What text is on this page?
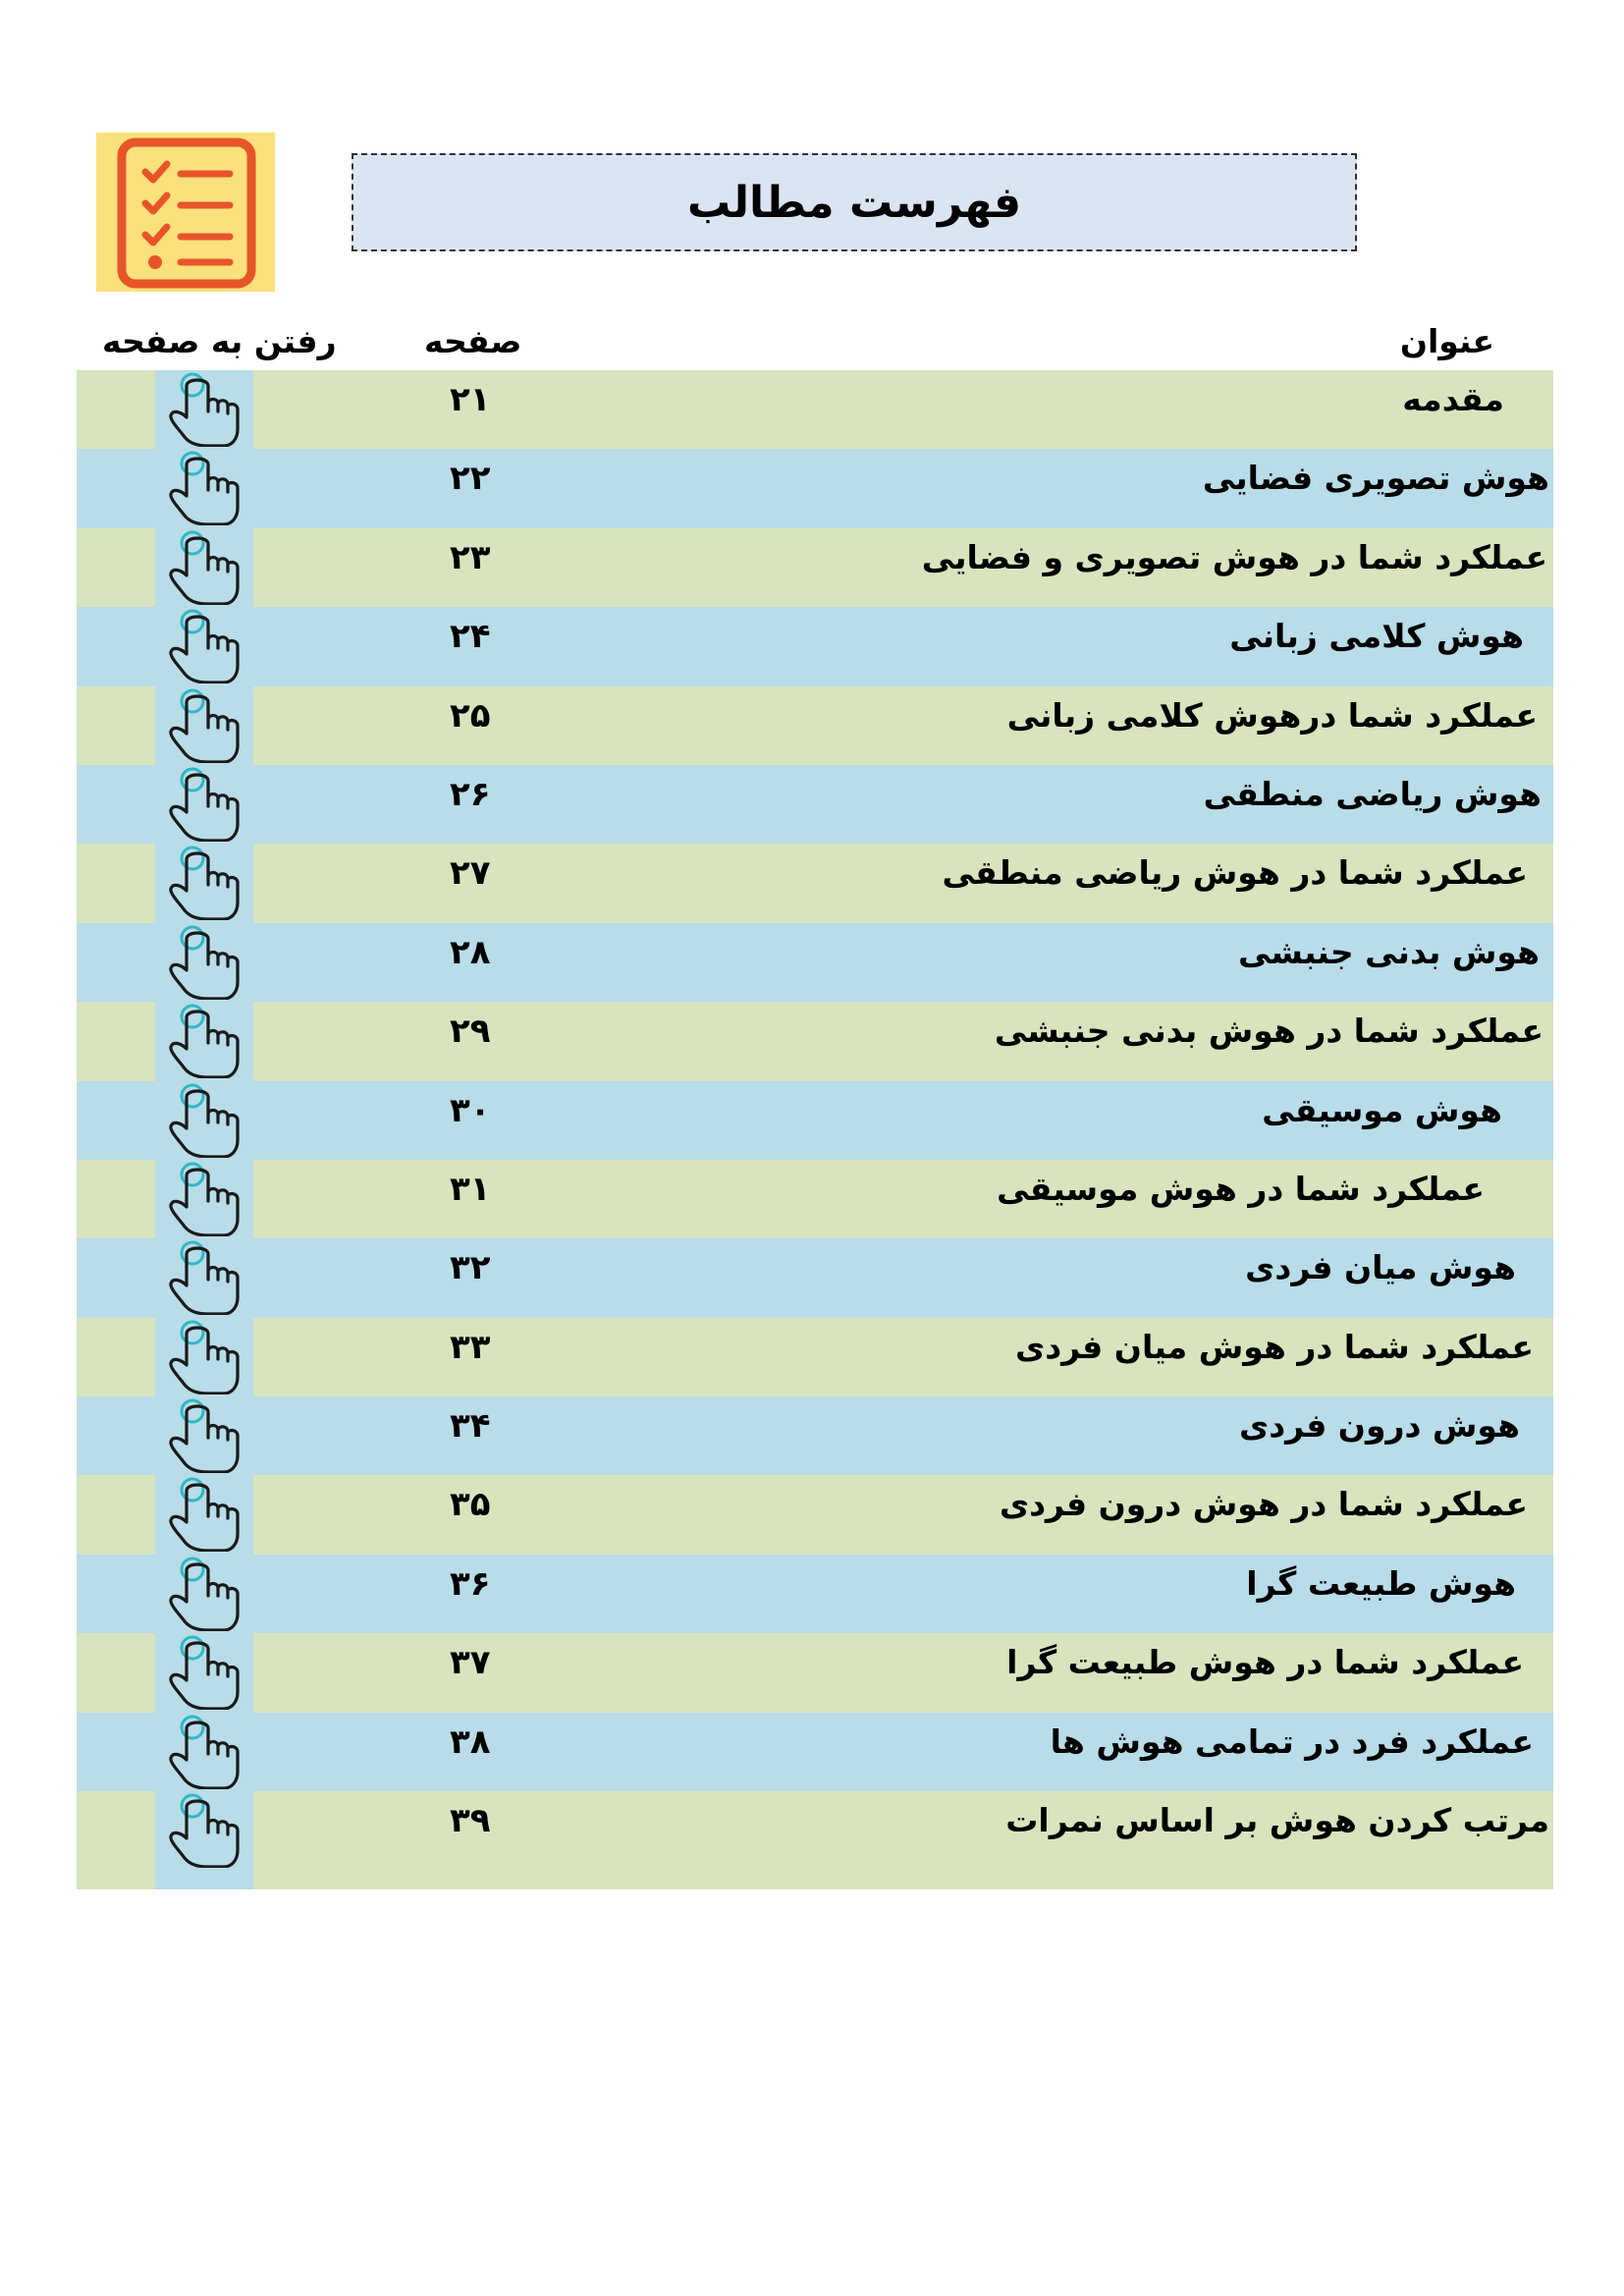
فهرست مطالب
عنوان
صفحه
رفتن به صفحه
مقدمه
۲۱
هوش تصویری فضایی
۲۲
عملکرد شما در هوش تصویری و فضایی
۲۳
هوش کلامی زبانی
۲۴
عملکرد شما درهوش کلامی زبانی
۲۵
هوش ریاضی منطقی
۲۶
عملکرد شما در هوش ریاضی منطقی
۲۷
هوش بدنی جنبشی
۲۸
عملکرد شما در هوش بدنی جنبشی
۲۹
هوش موسیقی
۳۰
عملکرد شما در هوش موسیقی
۳۱
هوش میان فردی
۳۲
عملکرد شما در هوش میان فردی
۳۳
هوش درون فردی
۳۴
عملکرد شما در هوش درون فردی
۳۵
هوش طبیعت گرا
۳۶
عملکرد شما در هوش طبیعت گرا
۳۷
عملکرد فرد در تمامی هوش ها
۳۸
مرتب کردن هوش بر اساس نمرات
۳۹
